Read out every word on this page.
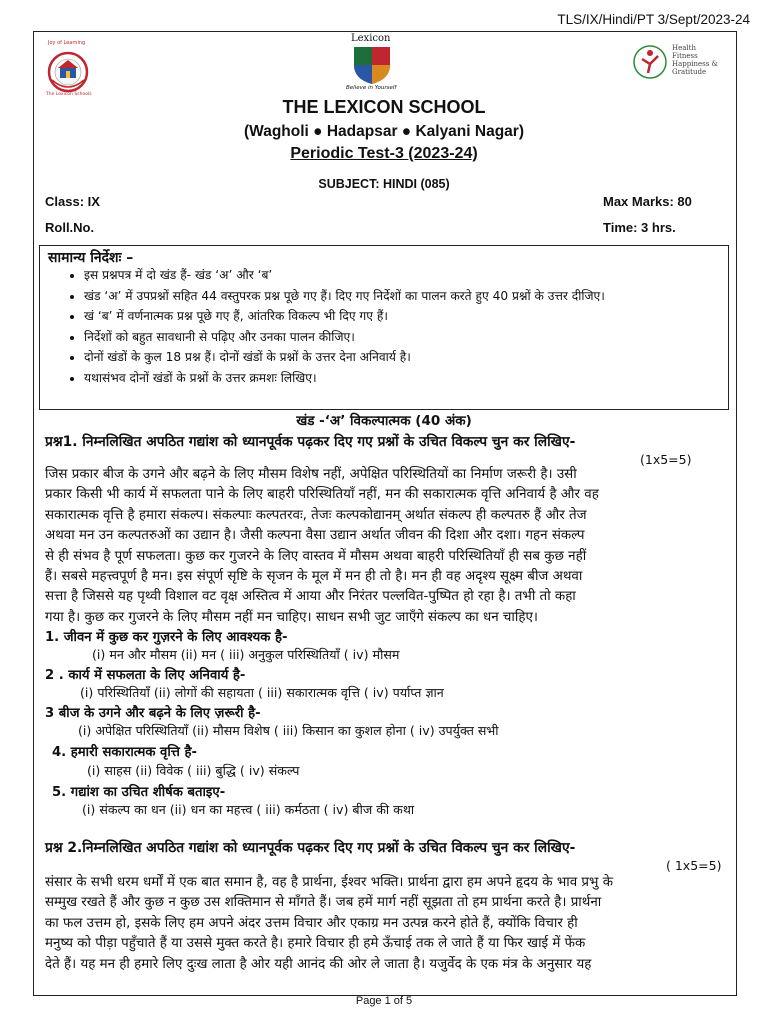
TLS/IX/Hindi/PT 3/Sept/2023-24
Joy of Learning
The Lexicon Schools
Lexicon
Believe in Yourself
Health
Fitness
Happiness &
Gratitude
THE LEXICON SCHOOL
(Wagholi ● Hadapsar ● Kalyani Nagar)
Periodic Test-3 (2023-24)
SUBJECT: HINDI (085)
Class: IX	Max Marks: 80
Roll.No.	Time: 3 hrs.
सामान्य निर्देशः –
• इस प्रश्नपत्र में दो खंड हैं- खंड ‘अ’ और ‘ब’
• खंड ‘अ’ में उपप्रश्नों सहित 44 वस्तुपरक प्रश्न पूछे गए हैं। दिए गए निर्देशों का पालन करते हुए 40 प्रश्नों के उत्तर दीजिए।
• खं ‘ब’ में वर्णनात्मक प्रश्न पूछे गए हैं, आंतरिक विकल्प भी दिए गए हैं।
• निर्देशों को बहुत सावधानी से पढ़िए और उनका पालन कीजिए।
• दोनों खंडों के कुल 18 प्रश्न हैं। दोनों खंडों के प्रश्नों के उत्तर देना अनिवार्य है।
• यथासंभव दोनों खंडों के प्रश्नों के उत्तर क्रमशः लिखिए।
खंड -‘अ’ विकल्पात्मक (40 अंक)
प्रश्न1. निम्नलिखित अपठित गद्यांश को ध्यानपूर्वक पढ़कर दिए गए प्रश्नों के उचित विकल्प चुन कर लिखिए-
(1x5=5)
जिस प्रकार बीज के उगने और बढ़ने के लिए मौसम विशेष नहीं, अपेक्षित परिस्थितियों का निर्माण जरूरी है। उसी
प्रकार किसी भी कार्य में सफलता पाने के लिए बाहरी परिस्थितियाँ नहीं, मन की सकारात्मक वृत्ति अनिवार्य है और वह
सकारात्मक वृत्ति है हमारा संकल्प। संकल्पाः कल्पतरवः, तेजः कल्पकोद्यानम्‌ अर्थात संकल्प ही कल्पतरु हैं और तेज
अथवा मन उन कल्पतरुओं का उद्यान है। जैसी कल्पना वैसा उद्यान अर्थात जीवन की दिशा और दशा। गहन संकल्प
से ही संभव है पूर्ण सफलता। कुछ कर गुजरने के लिए वास्तव में मौसम अथवा बाहरी परिस्थितियाँ ही सब कुछ नहीं
हैं। सबसे महत्त्वपूर्ण है मन। इस संपूर्ण सृष्टि के सृजन के मूल में मन ही तो है। मन ही वह अदृश्य सूक्ष्म बीज अथवा
सत्ता है जिससे यह पृथ्वी विशाल वट वृक्ष अस्तित्व में आया और निरंतर पल्लवित-पुष्पित हो रहा है। तभी तो कहा
गया है। कुछ कर गुजरने के लिए मौसम नहीं मन चाहिए। साधन सभी जुट जाएँगे संकल्प का धन चाहिए।
1. जीवन में कुछ कर गुज़रने के लिए आवश्यक है-
(i) मन और मौसम (ii) मन ( iii) अनुकुल परिस्थितियाँ ( iv) मौसम
2 . कार्य में सफलता के लिए अनिवार्य है-
(i) परिस्थितियाँ (ii) लोगों की सहायता ( iii) सकारात्मक वृत्ति ( iv) पर्याप्त ज्ञान
3 बीज के उगने और बढ़ने के लिए ज़रूरी है-
(i) अपेक्षित परिस्थितियाँ (ii) मौसम विशेष ( iii) किसान का कुशल होना ( iv) उपर्युक्त सभी
4. हमारी सकारात्मक वृत्ति है-
(i) साहस (ii) विवेक ( iii) बुद्धि ( iv) संकल्प
5. गद्यांश का उचित शीर्षक बताइए-
(i) संकल्प का धन (ii) धन का महत्त्व ( iii) कर्मठता ( iv) बीज की कथा
प्रश्न 2.निम्नलिखित अपठित गद्यांश को ध्यानपूर्वक पढ़कर दिए गए प्रश्नों के उचित विकल्प चुन कर लिखिए-
( 1x5=5)
संसार के सभी धरम धर्मों में एक बात समान है, वह है प्रार्थना, ईश्वर भक्ति। प्रार्थना द्वारा हम अपने हृदय के भाव प्रभु के
सम्मुख रखते हैं और कुछ न कुछ उस शक्तिमान से माँगते हैं। जब हमें मार्ग नहीं सूझता तो हम प्रार्थना करते है। प्रार्थना
का फल उत्तम हो, इसके लिए हम अपने अंदर उत्तम विचार और एकाग्र मन उत्पन्न करने होते हैं, क्योंकि विचार ही
मनुष्य को पीड़ा पहुँचाते हैं या उससे मुक्त करते है। हमारे विचार ही हमे ऊँचाई तक ले जाते हैं या फिर खाई में फेंक
देते हैं। यह मन ही हमारे लिए दुःख लाता है ओर यही आनंद की ओर ले जाता है। यजुर्वेद के एक मंत्र के अनुसार यह
Page 1 of 5
